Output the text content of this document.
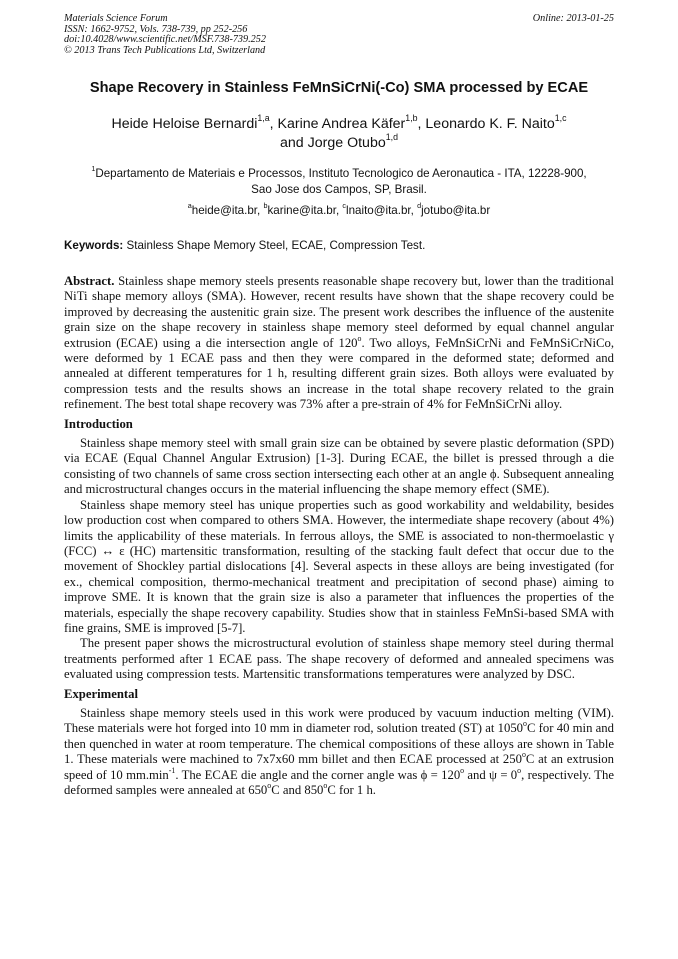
Materials Science Forum
ISSN: 1662-9752, Vols. 738-739, pp 252-256
doi:10.4028/www.scientific.net/MSF.738-739.252
© 2013 Trans Tech Publications Ltd, Switzerland
Online: 2013-01-25
Shape Recovery in Stainless FeMnSiCrNi(-Co) SMA processed by ECAE
Heide Heloise Bernardi$^{1,a}$, Karine Andrea Käfer$^{1,b}$, Leonardo K. F. Naito$^{1,c}$
and Jorge Otubo$^{1,d}$
$^1$Departamento de Materiais e Processos, Instituto Tecnologico de Aeronautica - ITA, 12228-900,
Sao Jose dos Campos, SP, Brasil.
$^a$heide@ita.br, $^b$karine@ita.br, $^c$lnaito@ita.br, $^d$jotubo@ita.br
Keywords: Stainless Shape Memory Steel, ECAE, Compression Test.

Abstract. Stainless shape memory steels presents reasonable shape recovery but, lower than the traditional NiTi shape memory alloys (SMA). However, recent results have shown that the shape recovery could be improved by decreasing the austenitic grain size. The present work describes the influence of the austenite grain size on the shape recovery in stainless shape memory steel deformed by equal channel angular extrusion (ECAE) using a die intersection angle of 120$^o$. Two alloys, FeMnSiCrNi and FeMnSiCrNiCo, were deformed by 1 ECAE pass and then they were compared in the deformed state; deformed and annealed at different temperatures for 1 h, resulting different grain sizes. Both alloys were evaluated by compression tests and the results shows an increase in the total shape recovery related to the grain refinement. The best total shape recovery was 73% after a pre-strain of 4% for FeMnSiCrNi alloy.

Introduction

Stainless shape memory steel with small grain size can be obtained by severe plastic deformation (SPD) via ECAE (Equal Channel Angular Extrusion) [1-3]. During ECAE, the billet is pressed through a die consisting of two channels of same cross section intersecting each other at an angle ϕ. Subsequent annealing and microstructural changes occurs in the material influencing the shape memory effect (SME).

Stainless shape memory steel has unique properties such as good workability and weldability, besides low production cost when compared to others SMA. However, the intermediate shape recovery (about 4%) limits the applicability of these materials. In ferrous alloys, the SME is associated to non-thermoelastic γ (FCC) ↔ ε (HC) martensitic transformation, resulting of the stacking fault defect that occur due to the movement of Shockley partial dislocations [4]. Several aspects in these alloys are being investigated (for ex., chemical composition, thermo-mechanical treatment and precipitation of second phase) aiming to improve SME. It is known that the grain size is also a parameter that influences the properties of the materials, especially the shape recovery capability. Studies show that in stainless FeMnSi-based SMA with fine grains, SME is improved [5-7].

The present paper shows the microstructural evolution of stainless shape memory steel during thermal treatments performed after 1 ECAE pass. The shape recovery of deformed and annealed specimens was evaluated using compression tests. Martensitic transformations temperatures were analyzed by DSC.

Experimental

Stainless shape memory steels used in this work were produced by vacuum induction melting (VIM). These materials were hot forged into 10 mm in diameter rod, solution treated (ST) at 1050$^o$C for 40 min and then quenched in water at room temperature. The chemical compositions of these alloys are shown in Table 1. These materials were machined to 7x7x60 mm billet and then ECAE processed at 250$^o$C at an extrusion speed of 10 $mm.\min^{-1}$. The ECAE die angle and the corner angle was $\phi = 120^o$ and $\psi = 0^o$, respectively. The deformed samples were annealed at 650$^o$C and 850$^o$C for 1 h.
